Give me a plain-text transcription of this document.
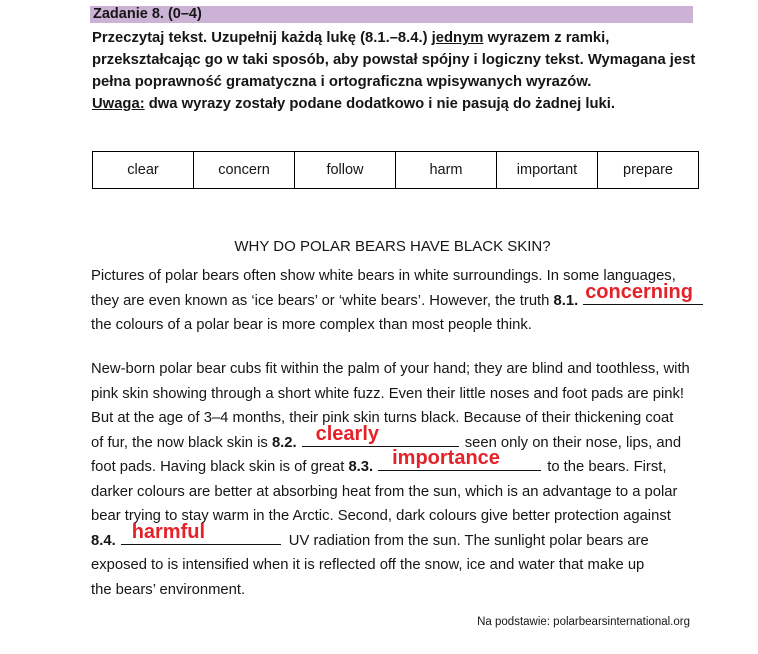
Zadanie 8. (0–4)
Przeczytaj tekst. Uzupełnij każdą lukę (8.1.–8.4.) jednym wyrazem z ramki,
przekształcając go w taki sposób, aby powstał spójny i logiczny tekst. Wymagana jest
pełna poprawność gramatyczna i ortograficzna wpisywanych wyrazów.
Uwaga: dwa wyrazy zostały podane dodatkowo i nie pasują do żadnej luki.
clear	concern	follow	harm	important	prepare
WHY DO POLAR BEARS HAVE BLACK SKIN?
Pictures of polar bears often show white bears in white surroundings. In some languages,
they are even known as ‘ice bears’ or ‘white bears’. However, the truth 8.1. concerning
the colours of a polar bear is more complex than most people think.
New-born polar bear cubs fit within the palm of your hand; they are blind and toothless, with
pink skin showing through a short white fuzz. Even their little noses and foot pads are pink!
But at the age of 3–4 months, their pink skin turns black. Because of their thickening coat
of fur, the now black skin is 8.2. clearly	seen only on their nose, lips, and
foot pads. Having black skin is of great 8.3. importance	to the bears. First,
darker colours are better at absorbing heat from the sun, which is an advantage to a polar
bear trying to stay warm in the Arctic. Second, dark colours give better protection against
8.4. harmful	UV radiation from the sun. The sunlight polar bears are
exposed to is intensified when it is reflected off the snow, ice and water that make up
the bears’ environment.
Na podstawie: polarbearsinternational.org
